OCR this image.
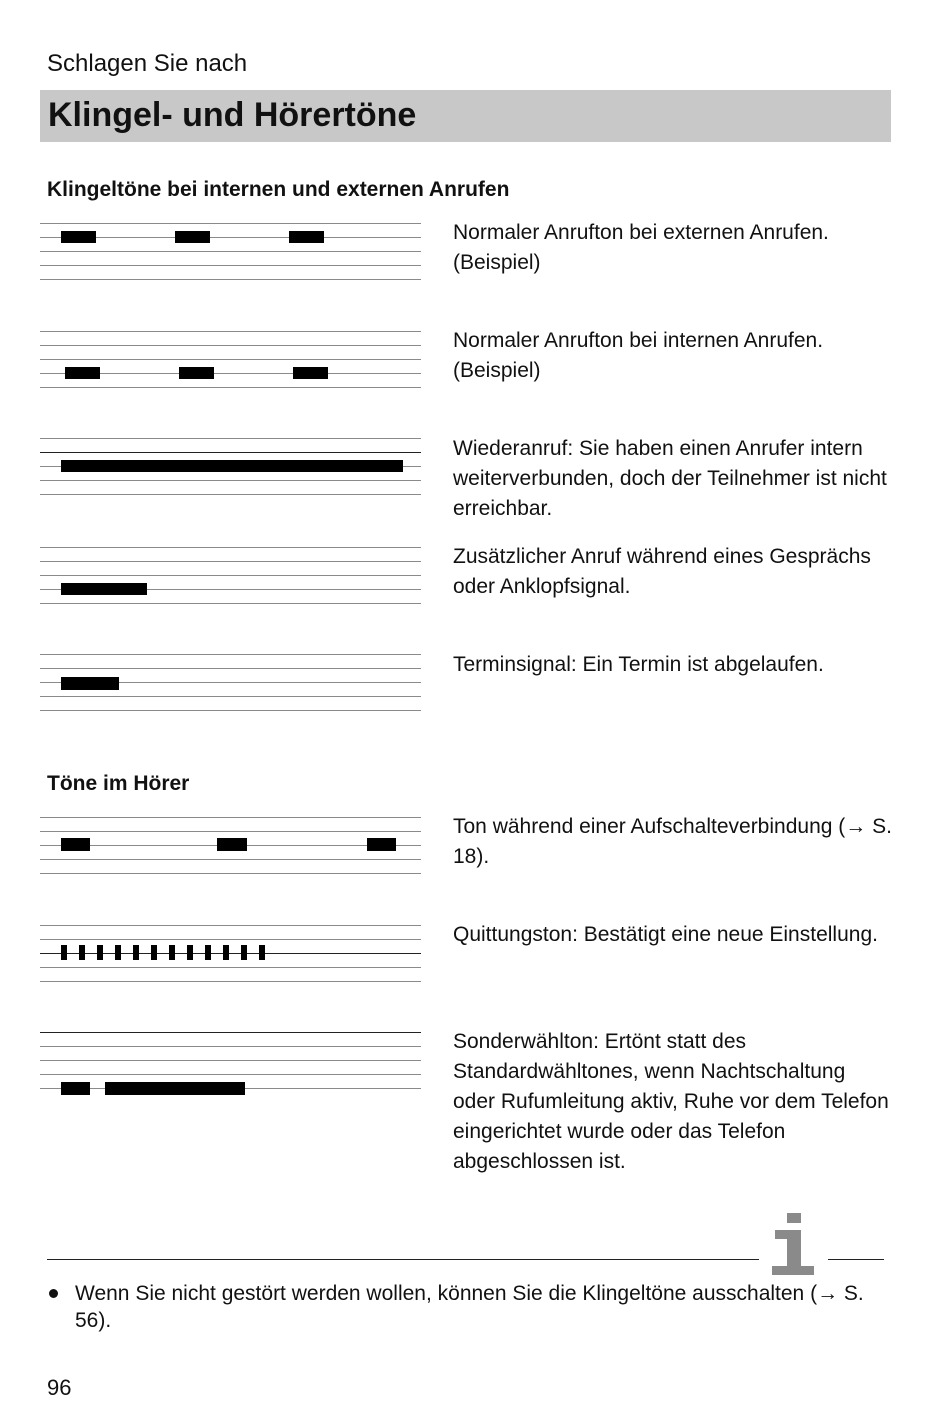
Schlagen Sie nach
Klingel- und Hörertöne
Klingeltöne bei internen und externen Anrufen
Normaler Anrufton bei externen Anrufen. (Beispiel)
Normaler Anrufton bei internen Anrufen. (Beispiel)
Wiederanruf: Sie haben einen Anrufer intern weiterverbunden, doch der Teilnehmer ist nicht erreichbar.
Zusätzlicher Anruf während eines Gesprächs oder Anklopfsignal.
Terminsignal: Ein Termin ist abgelaufen.
Töne im Hörer
Ton während einer Aufschalteverbindung (→ S. 18).
Quittungston: Bestätigt eine neue Einstellung.
Sonderwählton: Ertönt statt des Standardwähltones, wenn Nachtschaltung oder Rufumleitung aktiv, Ruhe vor dem Telefon eingerichtet wurde oder das Telefon abgeschlossen ist.
Wenn Sie nicht gestört werden wollen, können Sie die Klingeltöne ausschalten (→ S. 56).
96
